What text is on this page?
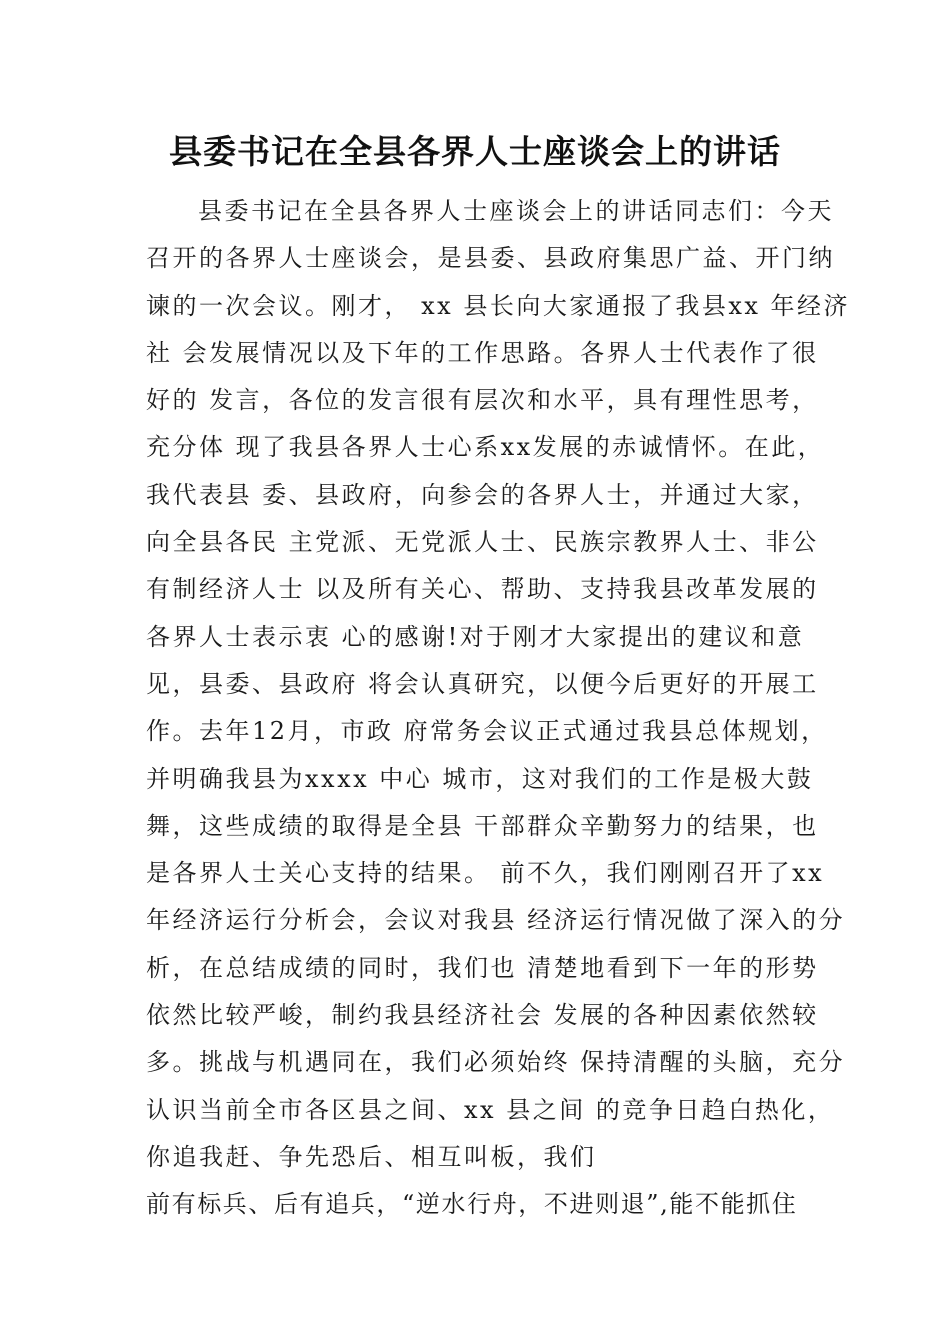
县委书记在全县各界人士座谈会上的讲话
县委书记在全县各界人士座谈会上的讲话同志们：今天
召开的各界人士座谈会，是县委、县政府集思广益、开门纳
谏的一次会议。刚才， xx 县长向大家通报了我县xx 年经济
社 会发展情况以及下年的工作思路。各界人士代表作了很
好的 发言，各位的发言很有层次和水平，具有理性思考，
充分体 现了我县各界人士心系xx发展的赤诚情怀。在此，
我代表县 委、县政府，向参会的各界人士，并通过大家，
向全县各民 主党派、无党派人士、民族宗教界人士、非公
有制经济人士 以及所有关心、帮助、支持我县改革发展的
各界人士表示衷 心的感谢!对于刚才大家提出的建议和意
见，县委、县政府 将会认真研究，以便今后更好的开展工
作。去年12月，市政 府常务会议正式通过我县总体规划，
并明确我县为xxxx 中心 城市，这对我们的工作是极大鼓
舞，这些成绩的取得是全县 干部群众辛勤努力的结果，也
是各界人士关心支持的结果。 前不久，我们刚刚召开了xx
年经济运行分析会，会议对我县 经济运行情况做了深入的分
析，在总结成绩的同时，我们也 清楚地看到下一年的形势
依然比较严峻，制约我县经济社会 发展的各种因素依然较
多。挑战与机遇同在，我们必须始终 保持清醒的头脑，充分
认识当前全市各区县之间、xx 县之间 的竞争日趋白热化，
你追我赶、争先恐后、相互叫板，我们
前有标兵、后有追兵，“逆水行舟，不进则退”,能不能抓住
